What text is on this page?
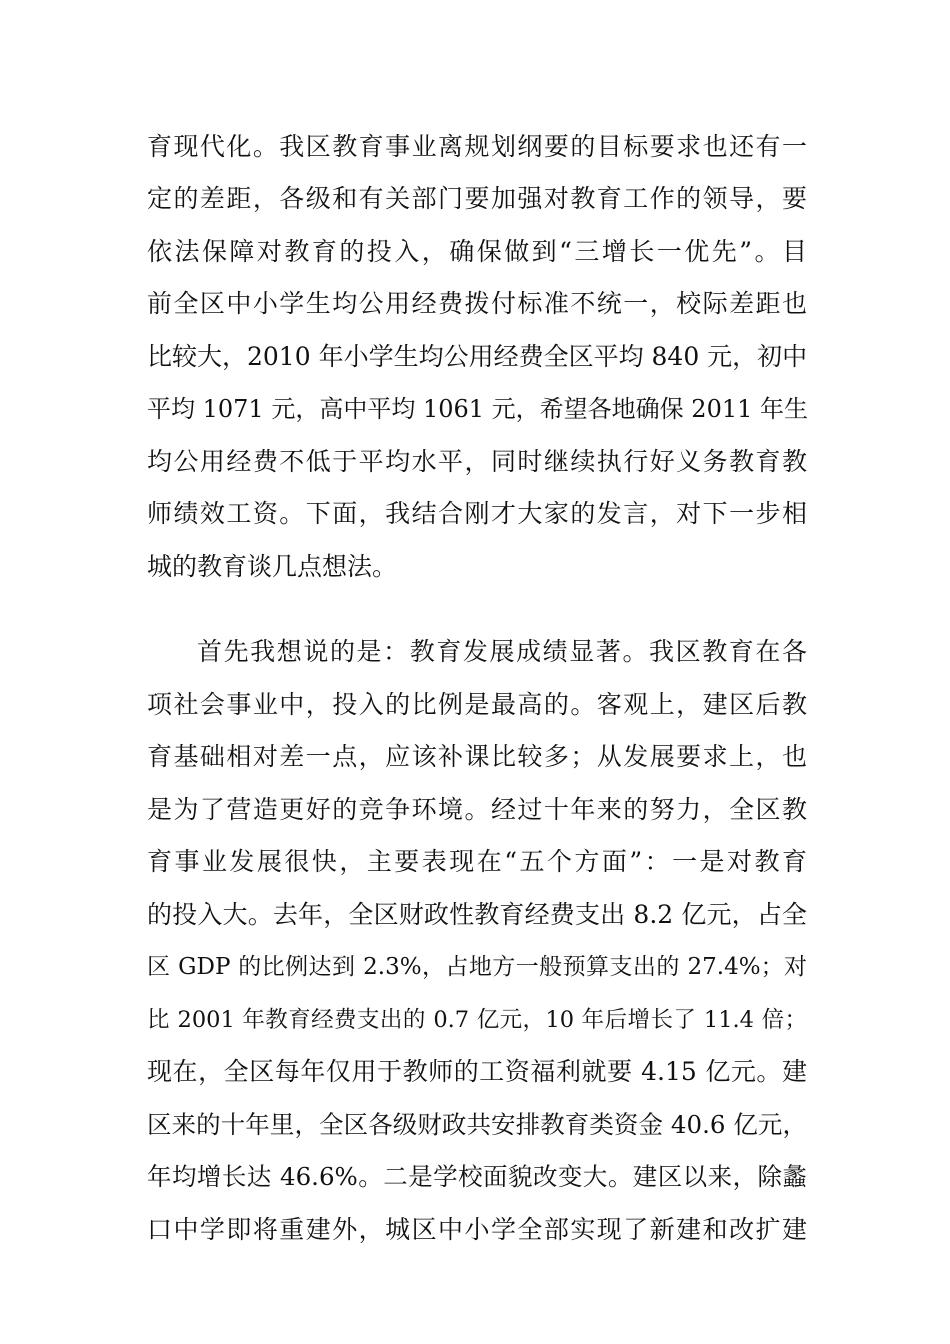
育现代化。我区教育事业离规划纲要的目标要求也还有一
定的差距，各级和有关部门要加强对教育工作的领导，要
依法保障对教育的投入，确保做到“三增长一优先”。目
前全区中小学生均公用经费拨付标准不统一，校际差距也
比较大，2010 年小学生均公用经费全区平均 840 元，初中
平均 1071 元，高中平均 1061 元，希望各地确保 2011 年生
均公用经费不低于平均水平，同时继续执行好义务教育教
师绩效工资。下面，我结合刚才大家的发言，对下一步相
城的教育谈几点想法。
首先我想说的是：教育发展成绩显著。我区教育在各
项社会事业中，投入的比例是最高的。客观上，建区后教
育基础相对差一点，应该补课比较多；从发展要求上，也
是为了营造更好的竞争环境。经过十年来的努力，全区教
育事业发展很快，主要表现在“五个方面”：一是对教育
的投入大。去年，全区财政性教育经费支出 8.2 亿元，占全
区 GDP 的比例达到 2.3%，占地方一般预算支出的 27.4%；对
比 2001 年教育经费支出的 0.7 亿元，10 年后增长了 11.4 倍；
现在，全区每年仅用于教师的工资福利就要 4.15 亿元。建
区来的十年里，全区各级财政共安排教育类资金 40.6 亿元，
年均增长达 46.6%。二是学校面貌改变大。建区以来，除蠡
口中学即将重建外，城区中小学全部实现了新建和改扩建
